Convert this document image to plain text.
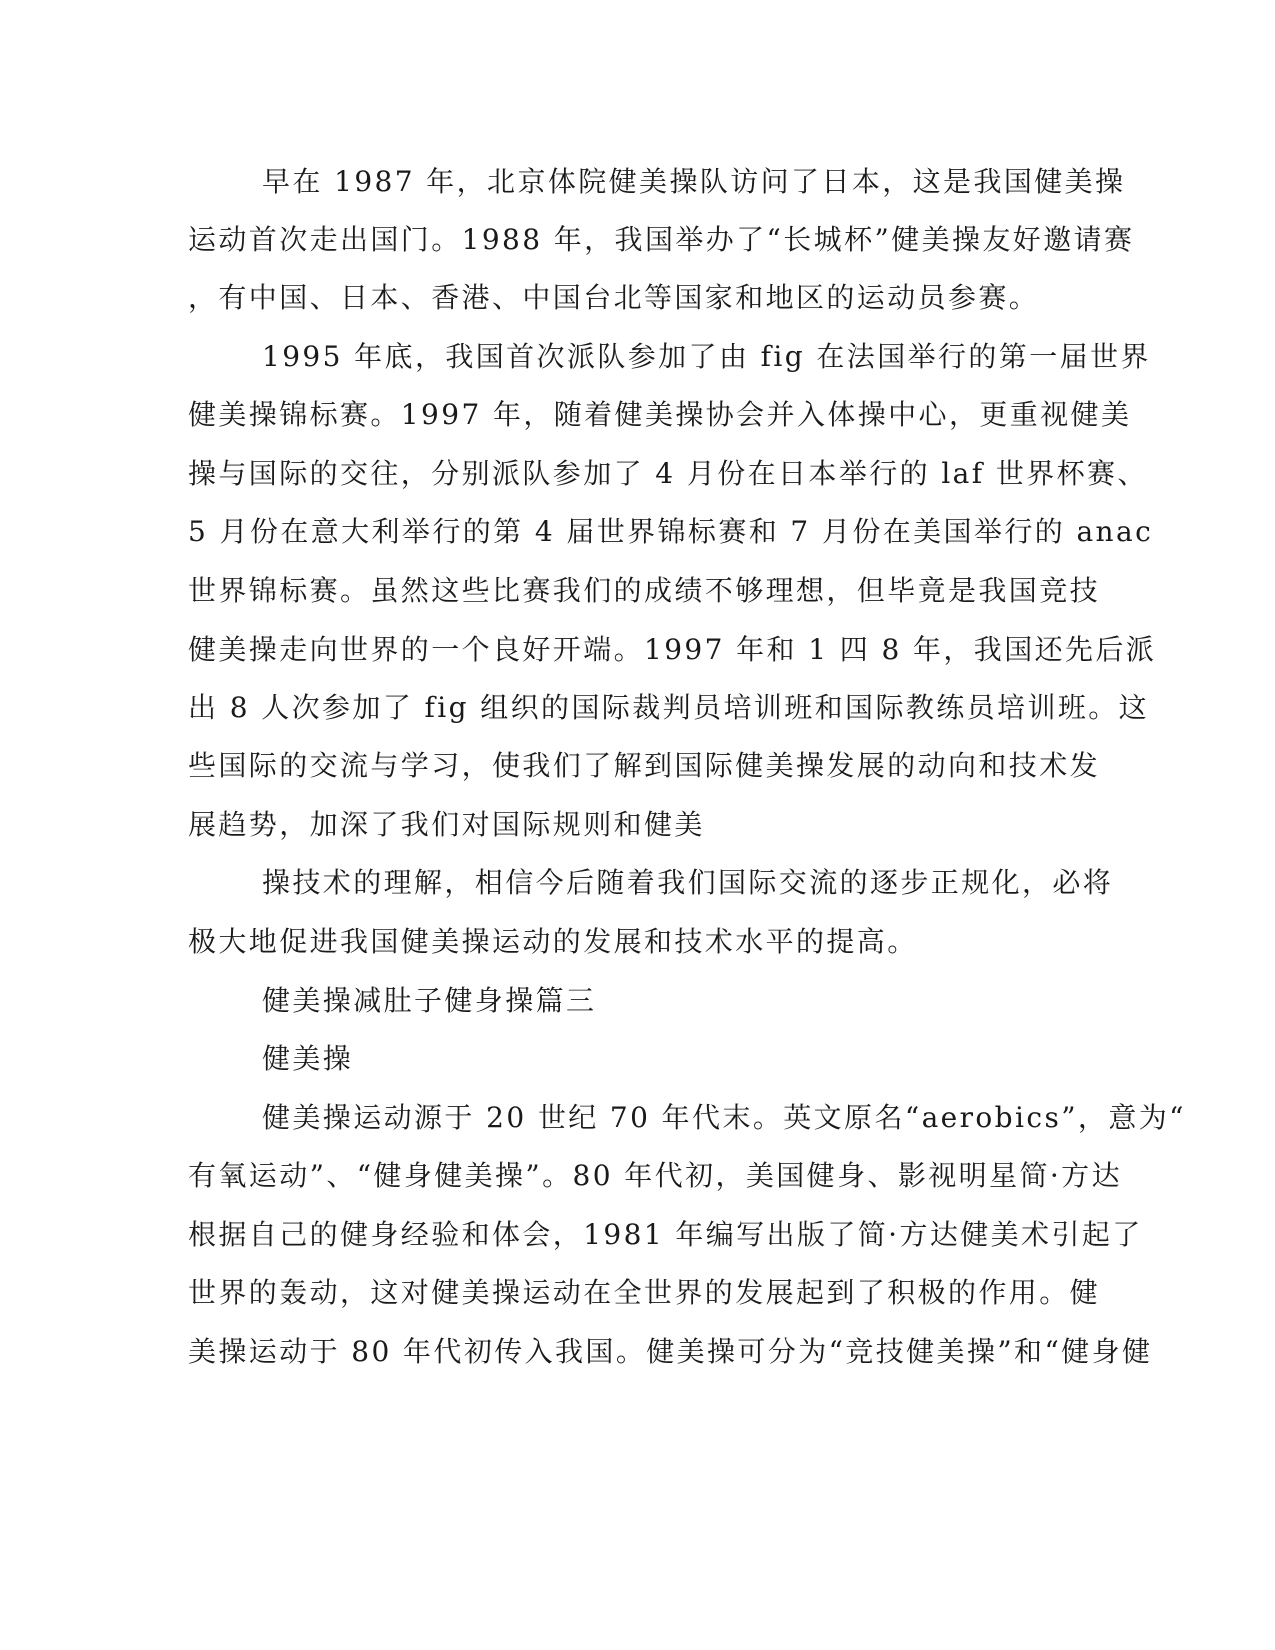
早在 1987 年，北京体院健美操队访问了日本，这是我国健美操
运动首次走出国门。1988 年，我国举办了“长城杯”健美操友好邀请赛
，有中国、日本、香港、中国台北等国家和地区的运动员参赛。
1995 年底，我国首次派队参加了由 fig 在法国举行的第一届世界
健美操锦标赛。1997 年，随着健美操协会并入体操中心，更重视健美
操与国际的交往，分别派队参加了 4 月份在日本举行的 laf 世界杯赛、
5 月份在意大利举行的第 4 届世界锦标赛和 7 月份在美国举行的 anac
世界锦标赛。虽然这些比赛我们的成绩不够理想，但毕竟是我国竞技
健美操走向世界的一个良好开端。1997 年和 1 四 8 年，我国还先后派
出 8 人次参加了 fig 组织的国际裁判员培训班和国际教练员培训班。这
些国际的交流与学习，使我们了解到国际健美操发展的动向和技术发
展趋势，加深了我们对国际规则和健美
操技术的理解，相信今后随着我们国际交流的逐步正规化，必将
极大地促进我国健美操运动的发展和技术水平的提高。
健美操减肚子健身操篇三
健美操
健美操运动源于 20 世纪 70 年代末。英文原名“aerobics”，意为“
有氧运动”、“健身健美操”。80 年代初，美国健身、影视明星简·方达
根据自己的健身经验和体会，1981 年编写出版了简·方达健美术引起了
世界的轰动，这对健美操运动在全世界的发展起到了积极的作用。健
美操运动于 80 年代初传入我国。健美操可分为“竞技健美操”和“健身健
